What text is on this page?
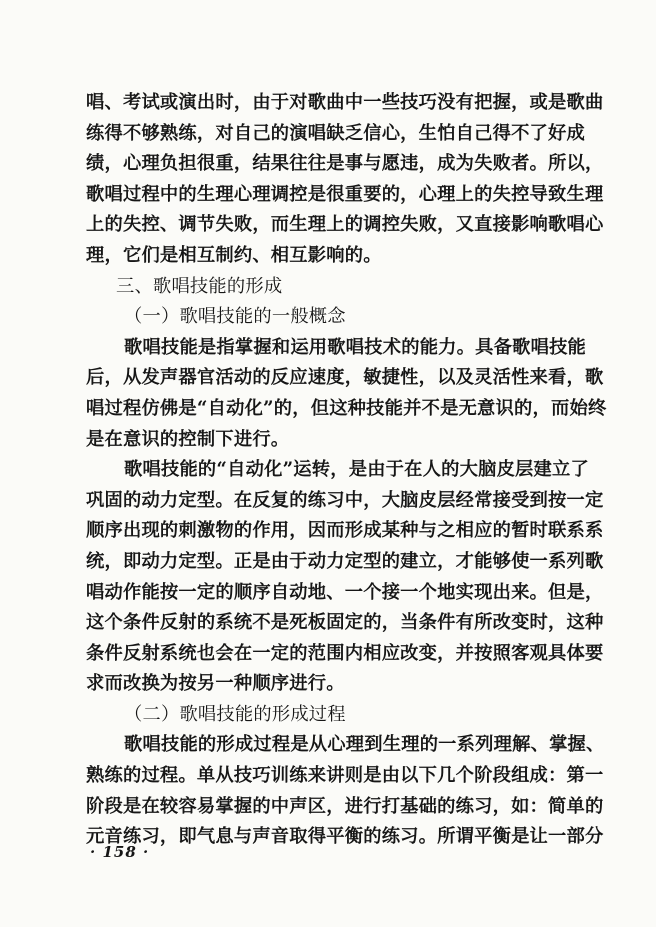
唱、考试或演出时，由于对歌曲中一些技巧没有把握，或是歌曲
练得不够熟练，对自己的演唱缺乏信心，生怕自己得不了好成
绩，心理负担很重，结果往往是事与愿违，成为失败者。所以，
歌唱过程中的生理心理调控是很重要的，心理上的失控导致生理
上的失控、调节失败，而生理上的调控失败，又直接影响歌唱心
理，它们是相互制约、相互影响的。
三、歌唱技能的形成
（一）歌唱技能的一般概念
歌唱技能是指掌握和运用歌唱技术的能力。具备歌唱技能
后，从发声器官活动的反应速度，敏捷性，以及灵活性来看，歌
唱过程仿佛是“自动化”的，但这种技能并不是无意识的，而始终
是在意识的控制下进行。
歌唱技能的“自动化”运转，是由于在人的大脑皮层建立了
巩固的动力定型。在反复的练习中，大脑皮层经常接受到按一定
顺序出现的刺激物的作用，因而形成某种与之相应的暂时联系系
统，即动力定型。正是由于动力定型的建立，才能够使一系列歌
唱动作能按一定的顺序自动地、一个接一个地实现出来。但是，
这个条件反射的系统不是死板固定的，当条件有所改变时，这种
条件反射系统也会在一定的范围内相应改变，并按照客观具体要
求而改换为按另一种顺序进行。
（二）歌唱技能的形成过程
歌唱技能的形成过程是从心理到生理的一系列理解、掌握、
熟练的过程。单从技巧训练来讲则是由以下几个阶段组成：第一
阶段是在较容易掌握的中声区，进行打基础的练习，如：简单的
元音练习，即气息与声音取得平衡的练习。所谓平衡是让一部分
· 158 ·
